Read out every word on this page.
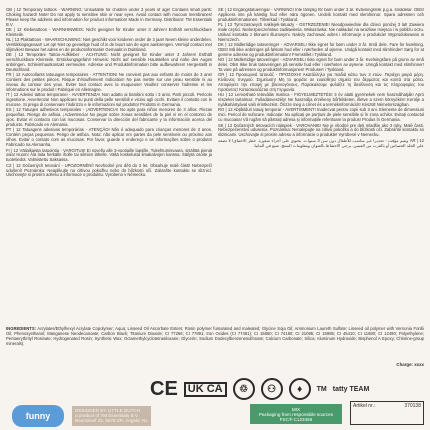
GB | 12 Temporary tattoos - WARNING: Unsuitable for children under 3 years of age! Contains small parts: Choking hazard! Note! Do not apply to sensitive skin or near eyes. Avoid contact with mucous membranes! Please keep the address and information for product information! Made in Germany. Distributor: TM Essentials B.V.

DE | 12 Klebetattoos - WARNHINWEIS: Nicht geeignet für Kinder unter 3 Jahren! Enthält verschluckbare Kleinteile.

NL | 12 Plaktattoos - WAARSCHUWING: Niet geschikt voor kinderen onder de 3 jaar! Neem kleine onderdelen. Verstikkingsgevaar! Let op! Niet op gevoelige huid of in de buurt van de ogen aanbrengen. Vermijd contact met slijmvlies! Bewaar het adres en de productinformatie! Gemaakt in Duitsland.

DE | 12 Temporäre Tattoo-Aufkleber - ACHTUNG: Nicht geeignet für Kinder unter 3 Jahren! Enthält verschluckbare Kleinteile. Erstickungsgefahr! Hinweis: Nicht auf sensible Hautstellen und nahe des Auges anbringen. Schleimhautkontakt vermeiden. Adresse und Produktinformation bitte aufbewahren! Hergestellt in Deutschland.

FR | 12 Autocollants tatouages temporaires - ATTENTION! Ne convient pas aux enfants de moins de 3 ans! Contient des petites pièces. Risque d'étouffement! Indication! Ne pas mettre sur une peau sensible ni au niveau du contour des yeux. Éviter tout contact avec la muqueuse! Veuillez conserver l'adresse et les informations sur le produit ! Fabriqué en Allemagne.

IT | 12 Adesivi tattoo temporanei - AVVERTENZA! Non adatto ai bambini sotto i 3 anni. Parti piccoli. Pericolo ingestione. Avvertenza! Non applicare su punti della pelle sensibili e vicino agli occhi. Evitare il contatto con le mucose. Si prega di conservare l'indirizzo e le informazioni sul prodotto! Prodotto in Germania.

ES | 12 Tatuajes adhesivos temporales - ¡ADVERTENCIA! No apto para niños menores de 3 años. Piezas pequeñas. Riesgo de asfixia. ¡Advertencia! No pegar sobre zonas sensibles de la piel ni en el contorno de ojos. Evitar el contacto con las mucosas. Conservar la dirección del fabricante y la información acerca del producto. Fabricado en Alemania.

PT | 12 Tatuagens adesivas temporárias - ATENÇÃO! Não é adequado para crianças menores de 3 anos. Contém peças pequenas. Perigo de asfixia. Nota: não aplicar em partes da pele sensíveis ou próximo aos olhos. Evitar o contato com as mucosas. Por favor, guarde o endereço e as informações sobre o produto! Fabricado na Alemanha.

FI | 12 Väliaikaista tatuointia - VAROITUS! Ei sovellu alle 3-vuotiaille lapsille. Tukehtumisvaara, sisältää pieniä osia! Huom! Älä laita herkälle iholle tai silmien lähelle. Vältä koskelusta limakalvojen kanssa. Säilytä osoite ja tuotetiedot. Valmistettu Saksassa.

CZ | 12 Dočasných tetování - UPOZORNĚNÍ! Nevhodné pro děti do 3 let. Obsahuje malé části! Nebezpečí udušení! Poznámka: Neaplikujte na citlivou pokožku nebo do blízkosti očí. Zabraňte kontaktu se sliznicí. Uschovejte si prosím adresu a informace o produktu. Vyrobeno v Německu.

SE | 12 Engångstatueringar - VARNING! Inte lämplig för barn under 3 år. Kvävningsrisk p.g.a. smådelar. OBS! Applicera inte på känslig hud eller nära ögonen. Undvik kontakt med slemhinnor. Spara adressen och produktinformationen. Tillverkad i Tyskland.

PL | 12 Tymczasowych naklejek-tatuaży - OSTRZEŻENIE! Nieodpowiednie dla dzieci poniżej 3 lat! Zawiera małe części. Niebezpieczeństwo zadławienia. Wskazówka: Nie nakładać na wrażliwe miejsca i w pobliżu oczu. Unikać kontaktu z błonami śluzowymi. Należy zachować adres i informacje o produkcie! Wyprodukowano w Niemczech.

DK | 12 Midlertidige tatoveringer - ADVARSEL! Ikke egnet for børn under 3 år. Små dele. Fare for kvælning. OBS! Må ikke anbringes på følsom hud eller i nærheden af øjnene. Undgå kontakt med slimhinder! Sørg for at gemme adresse og produktinformation! Fremstillet i Tyskland.

NO | 12 Midlertidige tatoveringer - ADVARSEL! Ikke egnet for barn under 3 år. Kvelningsfare på grunn av små deler. Obs! Ikke bruk tatoveringen på sensitiv hud eller i nærheten av øynene. Unngå kontakt med slimhinner! Ta vare på adressen og produktinformasjonen! Produsert i Tyskland.

GR | 12 Προσωρινά τατουάζ - ΠΡΟΣΟΧΗ! Ακατάλληλο για παιδιά κάτω των 3 ετών. Περιέχει μικρά μέρη. Κίνδυνος πνιγμού. Σημείωση! Μη το φοράτε σε ευαίσθητα σημεία του δέρματος και κοντά στα μάτια. Αποφύγετε την επαφή με βλεννογόνους. Παρακαλούμε φυλάξτε τη διεύθυνση και τις πληροφορίες του προϊόντος! Κατασκευάζεται στη Γερμανία.

HU | 12 Lemosható tetoválás matrica - FIGYELMEZTETÉS! 3 év alatti gyermekek nem használhatják! Apró részeket tartalmaz. Fulladásveszély! Ne használja érzékeny bőrfelületen, illetve a szem környékén! Kerülje a nyálkahártyával való érintkezést. Őrizze meg a címet és a termékinformációt! Készült Németországban.

RO | 12 Abțibilduri tatuaj temporar - AVERTISMENT! Inadecvat pentru copii sub 3 ani. Elemente de dimensiuni mici. Pericol de sufocare. Indicație: Nu aplicați pe porțiuni de piele sensibile și în zona ochilor. Evitați contactul cu mucoasa! Vă rugăm să păstrați adresa și informațiile referitoare la produs! Produs în Germania.

SK | 12 Dočasných tetovacích nálepiek - VAROVANIE! Nie je vhodné pre deti mladšie ako 3 roky. Malé časti. Nebezpečenstvo udusenia. Poznámka: Nenalepujte na citlivú pokožku a do blízkosti očí. Zabráňte kontaktu so sliznicami. Uschovajte si prosím adresu a informácie o produkte! Vyrobené v Nemecku.

AR | 12 وشم مؤقت - تحذير! غير مناسب للأطفال دون سن 3 سنوات. يحتوي على أجزاء صغيرة. خطر الاختناق! لا تضعه على الجلد الحساس أو بالقرب من العينين. يرجى الاحتفاظ بالعنوان ومعلومات المنتج. صنع في ألمانيا.

INGREDIENTS: Acrylates/Ethylhexyl Acrylate Copolymer; Aqua; Linseed Oil Ascorbate Esters; Rosin polymer fumarated and maleated; Glycine Soja Oil; Ammonium Laureth Sulfate; Linseed oil polymer with Vernonia Fordii Oil; Phenoxyethanol; Manganese Neodecanoate; Carbon Black; Titanium Dioxide; CI 77266; CI 77891; Iron Oxides (CI 77491); CI 15850; CI 74160; CI 21095; CI 15985; CI 45410; CI 11680; CI 12490; Polyethylene; Pentaerythrityl Rosinate; Hydrogenated Rosin; Synthetic Wax; Octamethylcyclotetrasiloxane; Glycerin; Sodium Dodecylbenzenesulfonate; Calcium Carbonate; Silica; Aluminum Hydroxide; Bisphenol A Epoxy; Chlorine-group minerals).
Charge: xxxx
CE UK CA	♲	⚇	♦	TM tatty TEAM
funny
DESIGNED BY LITTLE DUTCH
a product of TM Essentials B.V.
Beurtdreef 25, 6678 ZR, Angeld, NL
MIX
Packaging from responsible sources
FSC® C123456
Artikel nr.:	370138
